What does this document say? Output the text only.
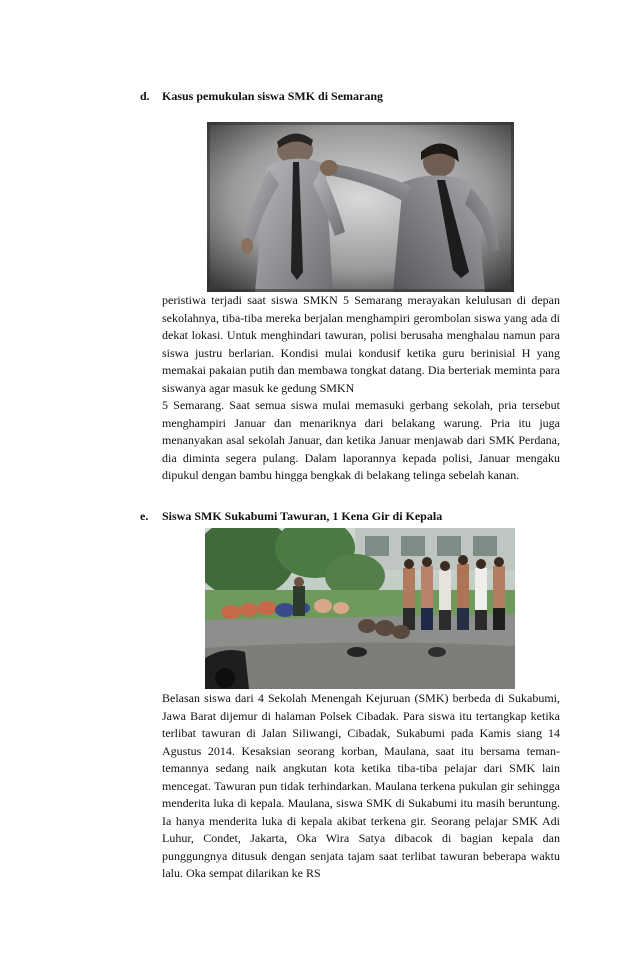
d. Kasus pemukulan siswa SMK di Semarang

peristiwa terjadi saat siswa SMKN 5 Semarang merayakan kelulusan di depan sekolahnya, tiba-tiba mereka berjalan menghampiri gerombolan siswa yang ada di dekat lokasi. Untuk menghindari tawuran, polisi berusaha menghalau namun para siswa justru berlarian. Kondisi mulai kondusif ketika guru berinisial H yang memakai pakaian putih dan membawa tongkat datang. Dia berteriak meminta para siswanya agar masuk ke gedung SMKN
5 Semarang. Saat semua siswa mulai memasuki gerbang sekolah, pria tersebut menghampiri Januar dan menariknya dari belakang warung. Pria itu juga menanyakan asal sekolah Januar, dan ketika Januar menjawab dari SMK Perdana, dia diminta segera pulang. Dalam laporannya kepada polisi, Januar mengaku dipukul dengan bambu hingga bengkak di belakang telinga sebelah kanan.

e. Siswa SMK Sukabumi Tawuran, 1 Kena Gir di Kepala

Belasan siswa dari 4 Sekolah Menengah Kejuruan (SMK) berbeda di Sukabumi, Jawa Barat dijemur di halaman Polsek Cibadak. Para siswa itu tertangkap ketika terlibat tawuran di Jalan Siliwangi, Cibadak, Sukabumi pada Kamis siang 14 Agustus 2014. Kesaksian seorang korban, Maulana, saat itu bersama teman-temannya sedang naik angkutan kota ketika tiba-tiba pelajar dari SMK lain mencegat. Tawuran pun tidak terhindarkan. Maulana terkena pukulan gir sehingga menderita luka di kepala. Maulana, siswa SMK di Sukabumi itu masih beruntung. Ia hanya menderita luka di kepala akibat terkena gir. Seorang pelajar SMK Adi Luhur, Condet, Jakarta, Oka Wira Satya dibacok di bagian kepala dan punggungnya ditusuk dengan senjata tajam saat terlibat tawuran beberapa waktu lalu. Oka sempat dilarikan ke RS
